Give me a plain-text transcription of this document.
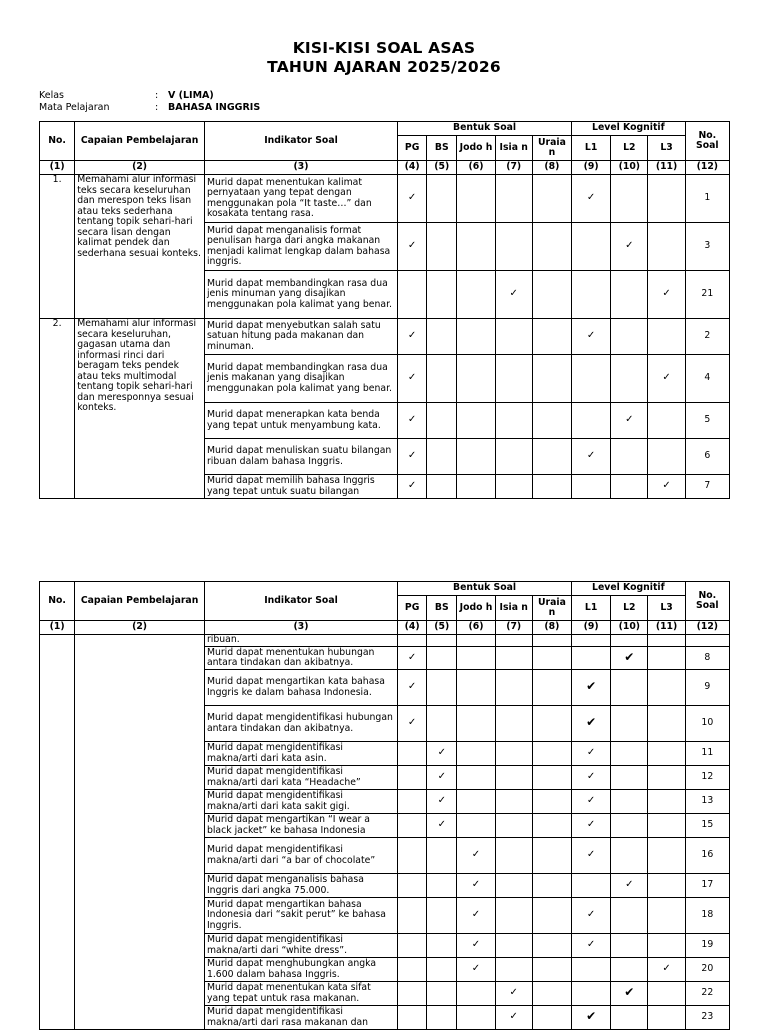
KISI-KISI SOAL ASAS
TAHUN AJARAN 2025/2026
Kelas	: V (LIMA)
Mata Pelajaran	: BAHASA INGGRIS
No.	Capaian Pembelajaran	Indikator Soal	Bentuk Soal					Level Kognitif			No. Soal
			PG	BS	Jodo h	Isia n	Uraia n	L1	L2	L3	
(1)	(2)	(3)	(4)	(5)	(6)	(7)	(8)	(9)	(10)	(11)	(12)
1.	Memahami alur informasi teks secara keseluruhan dan merespon teks lisan atau teks sederhana tentang topik sehari-hari secara lisan dengan kalimat pendek dan sederhana sesuai konteks.	Murid dapat menentukan kalimat pernyataan yang tepat dengan menggunakan pola “It taste…” dan kosakata tentang rasa.	✓					✓			1
		Murid dapat menganalisis format penulisan harga dari angka makanan menjadi kalimat lengkap dalam bahasa inggris.	✓						✓		3
		Murid dapat membandingkan rasa dua jenis minuman yang disajikan menggunakan pola kalimat yang benar.				✓				✓	21
2.	Memahami alur informasi secara keseluruhan, gagasan utama dan informasi rinci dari beragam teks pendek atau teks multimodal tentang topik sehari-hari dan meresponnya sesuai konteks.	Murid dapat menyebutkan salah satu satuan hitung pada makanan dan minuman.	✓					✓			2
		Murid dapat membandingkan rasa dua jenis makanan yang disajikan menggunakan pola kalimat yang benar.	✓							✓	4
		Murid dapat menerapkan kata benda yang tepat untuk menyambung kata.	✓						✓		5
		Murid dapat menuliskan suatu bilangan ribuan dalam bahasa Inggris.	✓					✓			6
		Murid dapat memilih bahasa Inggris yang tepat untuk suatu bilangan	✓							✓	7
No.	Capaian Pembelajaran	Indikator Soal	Bentuk Soal					Level Kognitif			No. Soal
			PG	BS	Jodo h	Isia n	Uraia n	L1	L2	L3	
(1)	(2)	(3)	(4)	(5)	(6)	(7)	(8)	(9)	(10)	(11)	(12)
		ribuan.									
		Murid dapat menentukan hubungan antara tindakan dan akibatnya.	✓						✔		8
		Murid dapat mengartikan kata bahasa Inggris ke dalam bahasa Indonesia.	✓					✔			9
		Murid dapat mengidentifikasi hubungan antara tindakan dan akibatnya.	✓					✔			10
		Murid dapat mengidentifikasi makna/arti dari kata asin.		✓				✓			11
		Murid dapat mengidentifikasi makna/arti dari kata “Headache”		✓				✓			12
		Murid dapat mengidentifikasi makna/arti dari kata sakit gigi.		✓				✓			13
		Murid dapat mengartikan “I wear a black jacket” ke bahasa Indonesia		✓				✓			15
		Murid dapat mengidentifikasi makna/arti dari “a bar of chocolate”			✓			✓			16
		Murid dapat menganalisis bahasa Inggris dari angka 75.000.			✓				✓		17
		Murid dapat mengartikan bahasa Indonesia dari “sakit perut” ke bahasa Inggris.			✓			✓			18
		Murid dapat mengidentifikasi makna/arti dari “white dress”.			✓			✓			19
		Murid dapat menghubungkan angka 1.600 dalam bahasa Inggris.			✓					✓	20
		Murid dapat menentukan kata sifat yang tepat untuk rasa makanan.				✓			✔		22
		Murid dapat mengidentifikasi makna/arti dari rasa makanan dan				✓		✔			23
